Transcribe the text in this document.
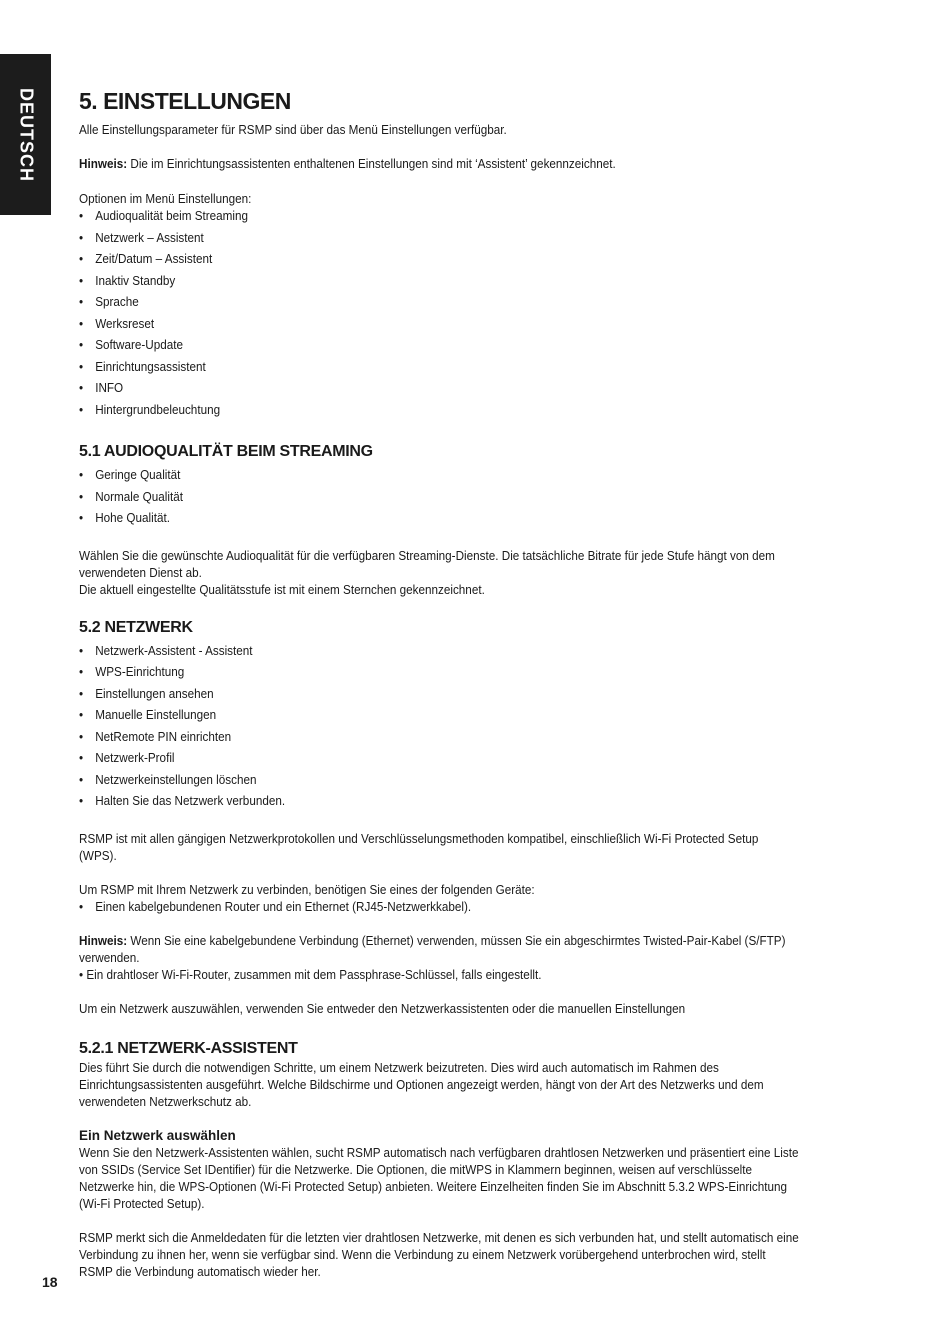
DEUTSCH 5. EINSTELLUNGEN
Alle Einstellungsparameter für RSMP sind über das Menü Einstellungen verfügbar.
Hinweis: Die im Einrichtungsassistenten enthaltenen Einstellungen sind mit ‘Assistent’ gekennzeichnet.
Optionen im Menü Einstellungen:
• Audioqualität beim Streaming
• Netzwerk – Assistent
• Zeit/Datum – Assistent
• Inaktiv Standby
• Sprache
• Werksreset
• Software-Update
• Einrichtungsassistent
• INFO
• Hintergrundbeleuchtung
5.1 AUDIOQUALITÄT BEIM STREAMING
• Geringe Qualität
• Normale Qualität
• Hohe Qualität.
Wählen Sie die gewünschte Audioqualität für die verfügbaren Streaming-Dienste. Die tatsächliche Bitrate für jede Stufe hängt von dem verwendeten Dienst ab.
Die aktuell eingestellte Qualitätsstufe ist mit einem Sternchen gekennzeichnet.
5.2 NETZWERK
• Netzwerk-Assistent - Assistent
• WPS-Einrichtung
• Einstellungen ansehen
• Manuelle Einstellungen
• NetRemote PIN einrichten
• Netzwerk-Profil
• Netzwerkeinstellungen löschen
• Halten Sie das Netzwerk verbunden.
RSMP ist mit allen gängigen Netzwerkprotokollen und Verschlüsselungsmethoden kompatibel, einschließlich Wi-Fi Protected Setup (WPS).
Um RSMP mit Ihrem Netzwerk zu verbinden, benötigen Sie eines der folgenden Geräte:
• Einen kabelgebundenen Router und ein Ethernet (RJ45-Netzwerkkabel).
Hinweis: Wenn Sie eine kabelgebundene Verbindung (Ethernet) verwenden, müssen Sie ein abgeschirmtes Twisted-Pair-Kabel (S/FTP) verwenden.
• Ein drahtloser Wi-Fi-Router, zusammen mit dem Passphrase-Schlüssel, falls eingestellt.
Um ein Netzwerk auszuwählen, verwenden Sie entweder den Netzwerkassistenten oder die manuellen Einstellungen
5.2.1 NETZWERK-ASSISTENT
Dies führt Sie durch die notwendigen Schritte, um einem Netzwerk beizutreten. Dies wird auch automatisch im Rahmen des Einrichtungsassistenten ausgeführt. Welche Bildschirme und Optionen angezeigt werden, hängt von der Art des Netzwerks und dem verwendeten Netzwerkschutz ab.
Ein Netzwerk auswählen
Wenn Sie den Netzwerk-Assistenten wählen, sucht RSMP automatisch nach verfügbaren drahtlosen Netzwerken und präsentiert eine Liste von SSIDs (Service Set IDentifier) für die Netzwerke. Die Optionen, die mitWPS in Klammern beginnen, weisen auf verschlüsselte Netzwerke hin, die WPS-Optionen (Wi-Fi Protected Setup) anbieten. Weitere Einzelheiten finden Sie im Abschnitt 5.3.2 WPS-Einrichtung (Wi-Fi Protected Setup).
RSMP merkt sich die Anmeldedaten für die letzten vier drahtlosen Netzwerke, mit denen es sich verbunden hat, und stellt automatisch eine Verbindung zu ihnen her, wenn sie verfügbar sind. Wenn die Verbindung zu einem Netzwerk vorübergehend unterbrochen wird, stellt RSMP die Verbindung automatisch wieder her.
18
